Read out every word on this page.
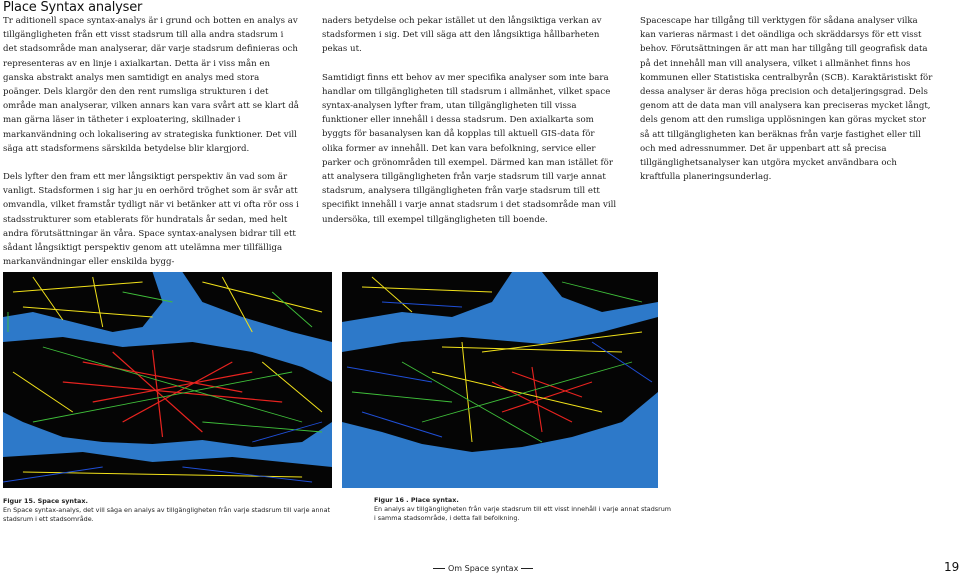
Place Syntax analyser

Tr aditionell space syntax-analys är i grund och botten en analys av tillgängligheten från ett visst stadsrum till alla andra stadsrum i det stadsområde man analyserar, där varje stadsrum definieras och representeras av en linje i axialkartan. Detta är i viss mån en ganska abstrakt analys men samtidigt en analys med stora poänger. Dels klargör den den rent rumsliga strukturen i det område man analyserar, vilken annars kan vara svårt att se klart då man gärna läser in tätheter i exploatering, skillnader i markanvändning och lokalisering av strategiska funktioner. Det vill säga att stadsformens särskilda betydelse blir klargjord.

Dels lyfter den fram ett mer långsiktigt perspektiv än vad som är vanligt. Stadsformen i sig har ju en oerhörd tröghet som är svår att omvandla, vilket framstår tydligt när vi betänker att vi ofta rör oss i stadsstrukturer som etablerats för hundratals år sedan, med helt andra förutsättningar än våra. Space syntax-analysen bidrar till ett sådant långsiktigt perspektiv genom att utelämna mer tillfälliga markanvändningar eller enskilda bygg-

naders betydelse och pekar istället ut den långsiktiga verkan av stadsformen i sig. Det vill säga att den långsiktiga hållbarheten pekas ut.

Samtidigt finns ett behov av mer specifika analyser som inte bara handlar om tillgängligheten till stadsrum i allmänhet, vilket space syntax-analysen lyfter fram, utan tillgängligheten till vissa funktioner eller innehåll i dessa stadsrum. Den axialkarta som byggts för basanalysen kan då kopplas till aktuell GIS-data för olika former av innehåll. Det kan vara befolkning, service eller parker och grönområden till exempel. Därmed kan man istället för att analysera tillgängligheten från varje stadsrum till varje annat stadsrum, analysera tillgängligheten från varje stadsrum till ett specifikt innehåll i varje annat stadsrum i det stadsområde man vill undersöka, till exempel tillgängligheten till boende.

Spacescape har tillgång till verktygen för sådana analyser vilka kan varieras närmast i det oändliga och skräddarsys för ett visst behov. Förutsättningen är att man har tillgång till geografisk data på det innehåll man vill analysera, vilket i allmänhet finns hos kommunen eller Statistiska centralbyrån (SCB). Karaktäristiskt för dessa analyser är deras höga precision och detaljeringsgrad. Dels genom att de data man vill analysera kan preciseras mycket långt, dels genom att den rumsliga upplösningen kan göras mycket stor så att tillgängligheten kan beräknas från varje fastighet eller till och med adressnummer. Det är uppenbart att så precisa tillgänglighetsanalyser kan utgöra mycket användbara och kraftfulla planeringsunderlag.

Figur 15. Space syntax.
En Space syntax-analys, det vill säga en analys av tillgängligheten från varje stadsrum till varje annat stadsrum i ett stadsområde.
Figur 16 . Place syntax.
En analys av tillgängligheten från varje stadsrum till ett visst innehåll i varje annat stadsrum i samma stadsområde, i detta fall befolkning.
Om Space syntax	19
